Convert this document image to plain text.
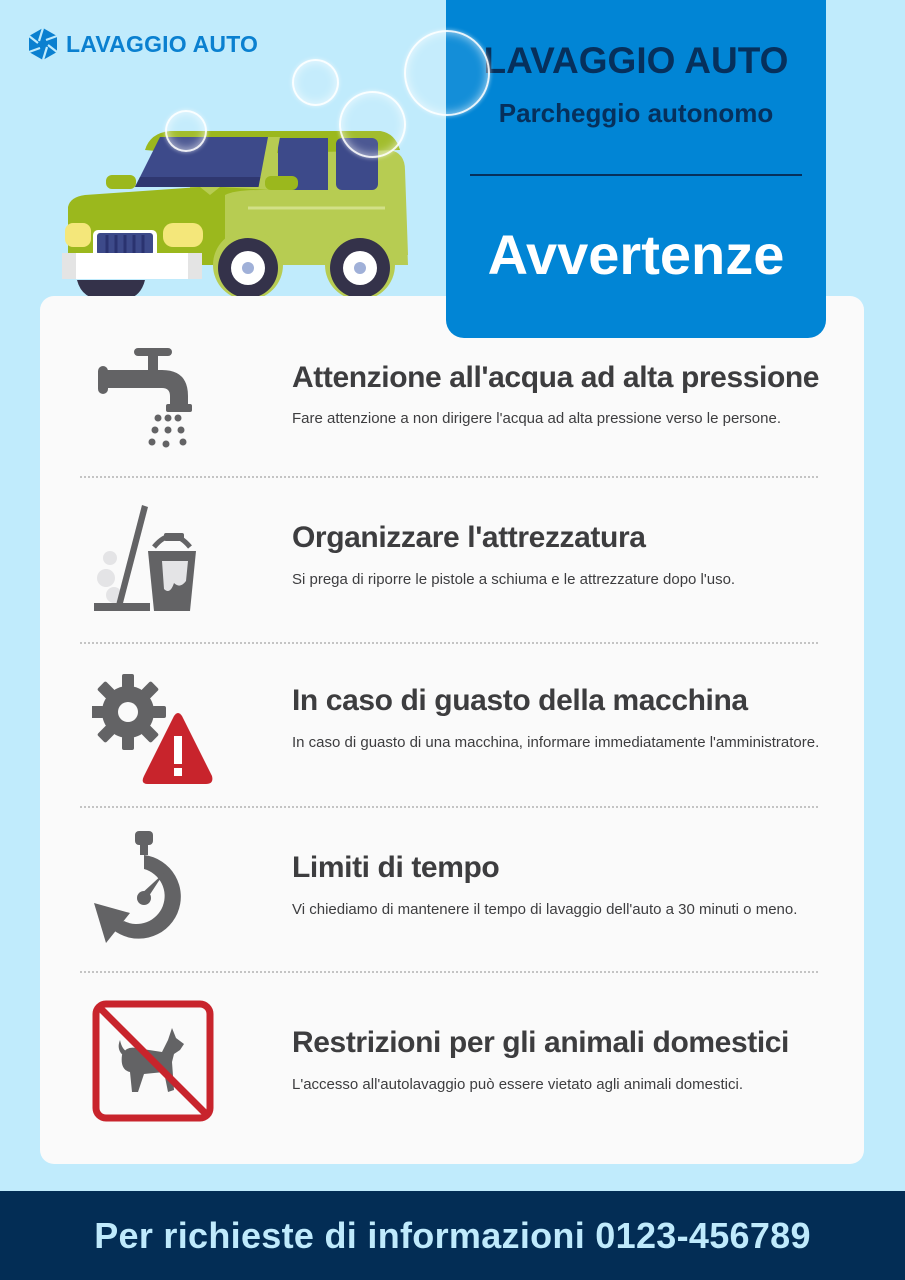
LAVAGGIO AUTO	LAVAGGIO AUTO
Parcheggio autonomo
Avvertenze
Attenzione all'acqua ad alta pressione
Fare attenzione a non dirigere l'acqua ad alta pressione verso le persone.
Organizzare l'attrezzatura
Si prega di riporre le pistole a schiuma e le attrezzature dopo l'uso.
In caso di guasto della macchina
In caso di guasto di una macchina, informare immediatamente l'amministratore.
Limiti di tempo
Vi chiediamo di mantenere il tempo di lavaggio dell'auto a 30 minuti o meno.
Restrizioni per gli animali domestici
L'accesso all'autolavaggio può essere vietato agli animali domestici.
Per richieste di informazioni 0123-456789
